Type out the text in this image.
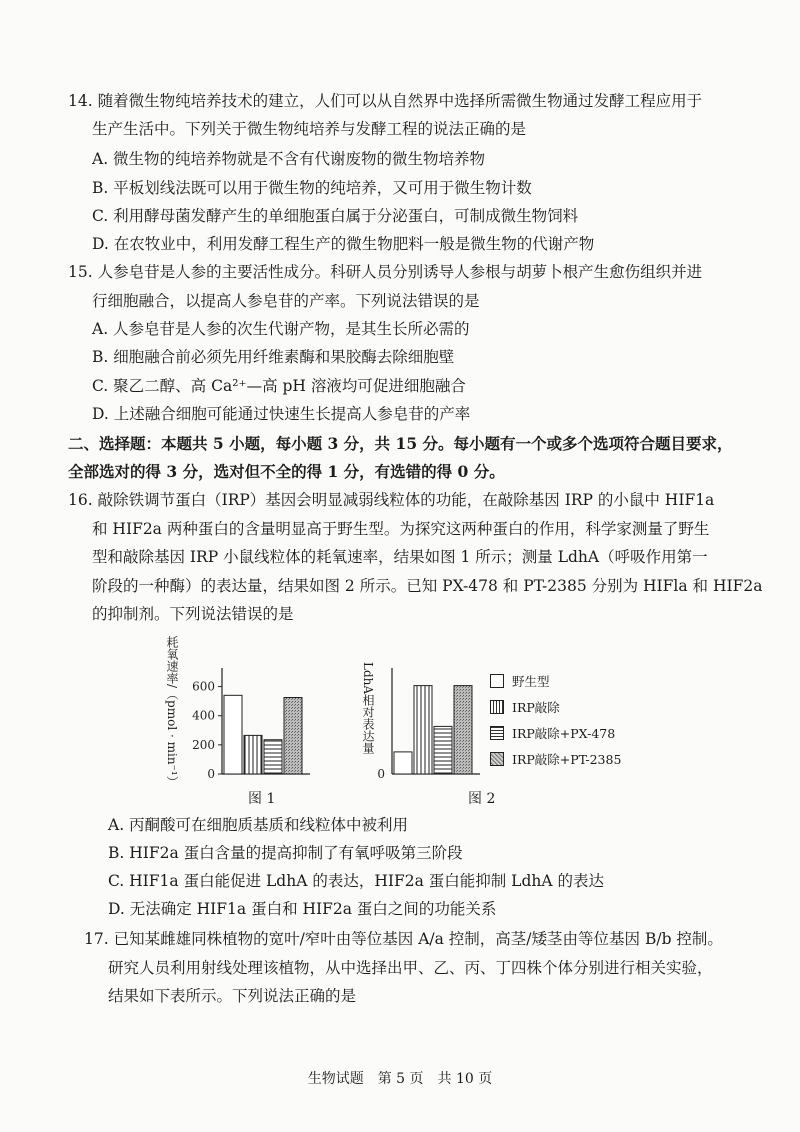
14. 随着微生物纯培养技术的建立，人们可以从自然界中选择所需微生物通过发酵工程应用于
生产生活中。下列关于微生物纯培养与发酵工程的说法正确的是
A. 微生物的纯培养物就是不含有代谢废物的微生物培养物
B. 平板划线法既可以用于微生物的纯培养，又可用于微生物计数
C. 利用酵母菌发酵产生的单细胞蛋白属于分泌蛋白，可制成微生物饲料
D. 在农牧业中，利用发酵工程生产的微生物肥料一般是微生物的代谢产物
15. 人参皂苷是人参的主要活性成分。科研人员分别诱导人参根与胡萝卜根产生愈伤组织并进
行细胞融合，以提高人参皂苷的产率。下列说法错误的是
A. 人参皂苷是人参的次生代谢产物，是其生长所必需的
B. 细胞融合前必须先用纤维素酶和果胶酶去除细胞壁
C. 聚乙二醇、高 Ca²⁺—高 pH 溶液均可促进细胞融合
D. 上述融合细胞可能通过快速生长提高人参皂苷的产率
二、选择题：本题共 5 小题，每小题 3 分，共 15 分。每小题有一个或多个选项符合题目要求，
全部选对的得 3 分，选对但不全的得 1 分，有选错的得 0 分。
16. 敲除铁调节蛋白（IRP）基因会明显减弱线粒体的功能，在敲除基因 IRP 的小鼠中 HIF1a
和 HIF2a 两种蛋白的含量明显高于野生型。为探究这两种蛋白的作用，科学家测量了野生
型和敲除基因 IRP 小鼠线粒体的耗氧速率，结果如图 1 所示；测量 LdhA（呼吸作用第一
阶段的一种酶）的表达量，结果如图 2 所示。已知 PX-478 和 PT-2385 分别为 HIFla 和 HIF2a
的抑制剂。下列说法错误的是
耗氧速率/（pmol · min⁻¹）	LdhA相对表达量
0
200
400
600
0
野生型
IRP敲除
IRP敲除+PX-478
IRP敲除+PT-2385
图 1	图 2
A. 丙酮酸可在细胞质基质和线粒体中被利用
B. HIF2a 蛋白含量的提高抑制了有氧呼吸第三阶段
C. HIF1a 蛋白能促进 LdhA 的表达，HIF2a 蛋白能抑制 LdhA 的表达
D. 无法确定 HIF1a 蛋白和 HIF2a 蛋白之间的功能关系
17. 已知某雌雄同株植物的宽叶/窄叶由等位基因 A/a 控制，高茎/矮茎由等位基因 B/b 控制。
研究人员利用射线处理该植物，从中选择出甲、乙、丙、丁四株个体分别进行相关实验，
结果如下表所示。下列说法正确的是
生物试题　第 5 页　共 10 页
